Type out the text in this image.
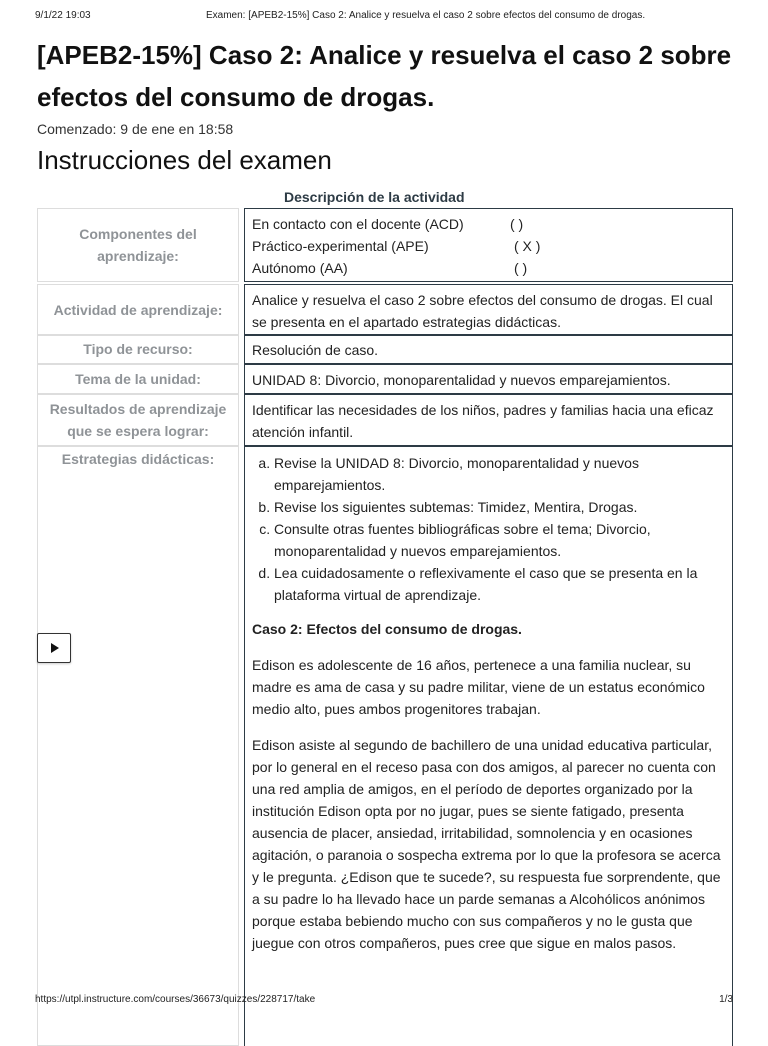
9/1/22 19:03	Examen: [APEB2-15%] Caso 2: Analice y resuelva el caso 2 sobre efectos del consumo de drogas.
[APEB2-15%] Caso 2: Analice y resuelva el caso 2 sobre efectos del consumo de drogas.
Comenzado: 9 de ene en 18:58
Instrucciones del examen
Descripción de la actividad
Componentes del aprendizaje:
En contacto con el docente (ACD)	( )
Práctico-experimental (APE)	( X )
Autónomo (AA)	( )
Actividad de aprendizaje:
Analice y resuelva el caso 2 sobre efectos del consumo de drogas. El cual se presenta en el apartado estrategias didácticas.
Tipo de recurso:	Resolución de caso.
Tema de la unidad:	UNIDAD 8: Divorcio, monoparentalidad y nuevos emparejamientos.
Resultados de aprendizaje que se espera lograr:
Identificar las necesidades de los niños, padres y familias hacia una eficaz atención infantil.
Estrategias didácticas:
a.	Revise la UNIDAD 8: Divorcio, monoparentalidad y nuevos emparejamientos.
b. Revise los siguientes subtemas: Timidez, Mentira, Drogas.
c. Consulte otras fuentes bibliográficas sobre el tema; Divorcio, monoparentalidad y nuevos emparejamientos.
d. Lea cuidadosamente o reflexivamente el caso que se presenta en la plataforma virtual de aprendizaje.

Caso 2: Efectos del consumo de drogas.

Edison es adolescente de 16 años, pertenece a una familia nuclear, su madre es ama de casa y su padre militar, viene de un estatus económico medio alto, pues ambos progenitores trabajan.

Edison asiste al segundo de bachillero de una unidad educativa particular, por lo general en el receso pasa con dos amigos, al parecer no cuenta con una red amplia de amigos, en el período de deportes organizado por la institución Edison opta por no jugar, pues se siente fatigado, presenta ausencia de placer, ansiedad, irritabilidad, somnolencia y en ocasiones agitación, o paranoia o sospecha extrema por lo que la profesora se acerca y le pregunta. ¿Edison que te sucede?, su respuesta fue sorprendente, que a su padre lo ha llevado hace un parde semanas a Alcohólicos anónimos porque estaba bebiendo mucho con sus compañeros y no le gusta que juegue con otros compañeros, pues cree que sigue en malos pasos.

https://utpl.instructure.com/courses/36673/quizzes/228717/take	1/3
